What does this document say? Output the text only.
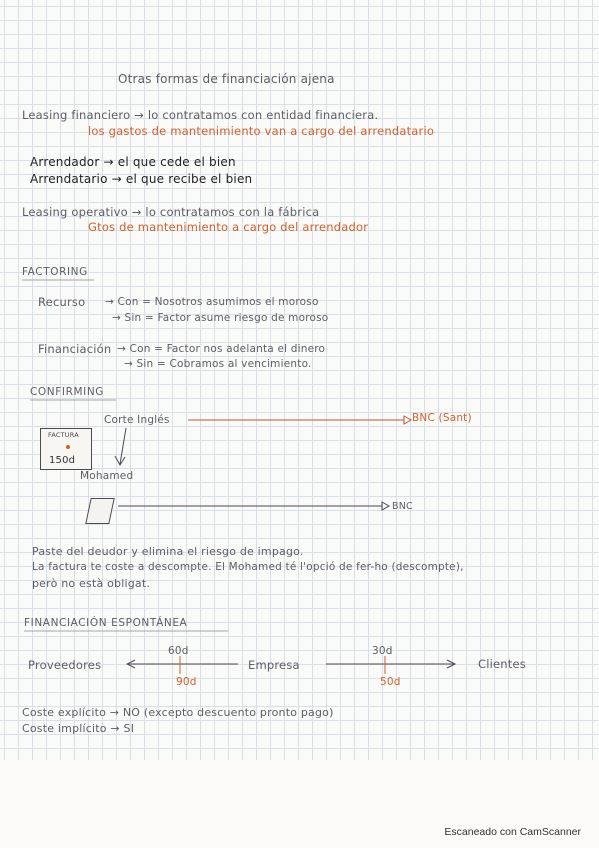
Otras formas de financiación ajena
Leasing financiero → lo contratamos con entidad financiera.
los gastos de mantenimiento van a cargo del arrendatario
Arrendador → el que cede el bien
Arrendatario → el que recibe el bien
Leasing operativo → lo contratamos con la fábrica
Gtos de mantenimiento a cargo del arrendador
FACTORING
Recurso → Con = Nosotros asumimos el moroso
→ Sin = Factor asume riesgo de moroso
Financiación → Con = Factor nos adelanta el dinero
→ Sin = Cobramos al vencimiento.
CONFIRMING
Corte Inglés	BNC (Sant)
FACTURA
150d
Mohamed
BNC
Paste del deudor y elimina el riesgo de impago.
La factura te coste a descompte. El Mohamed té l'opció de fer-ho (descompte),
però no està obligat.
FINANCIACIÓN ESPONTÁNEA
Proveedores	Empresa	Clientes
60d
90d
30d
50d
Coste explícito → NO (excepto descuento pronto pago)
Coste implícito → SI
Escaneado con CamScanner
